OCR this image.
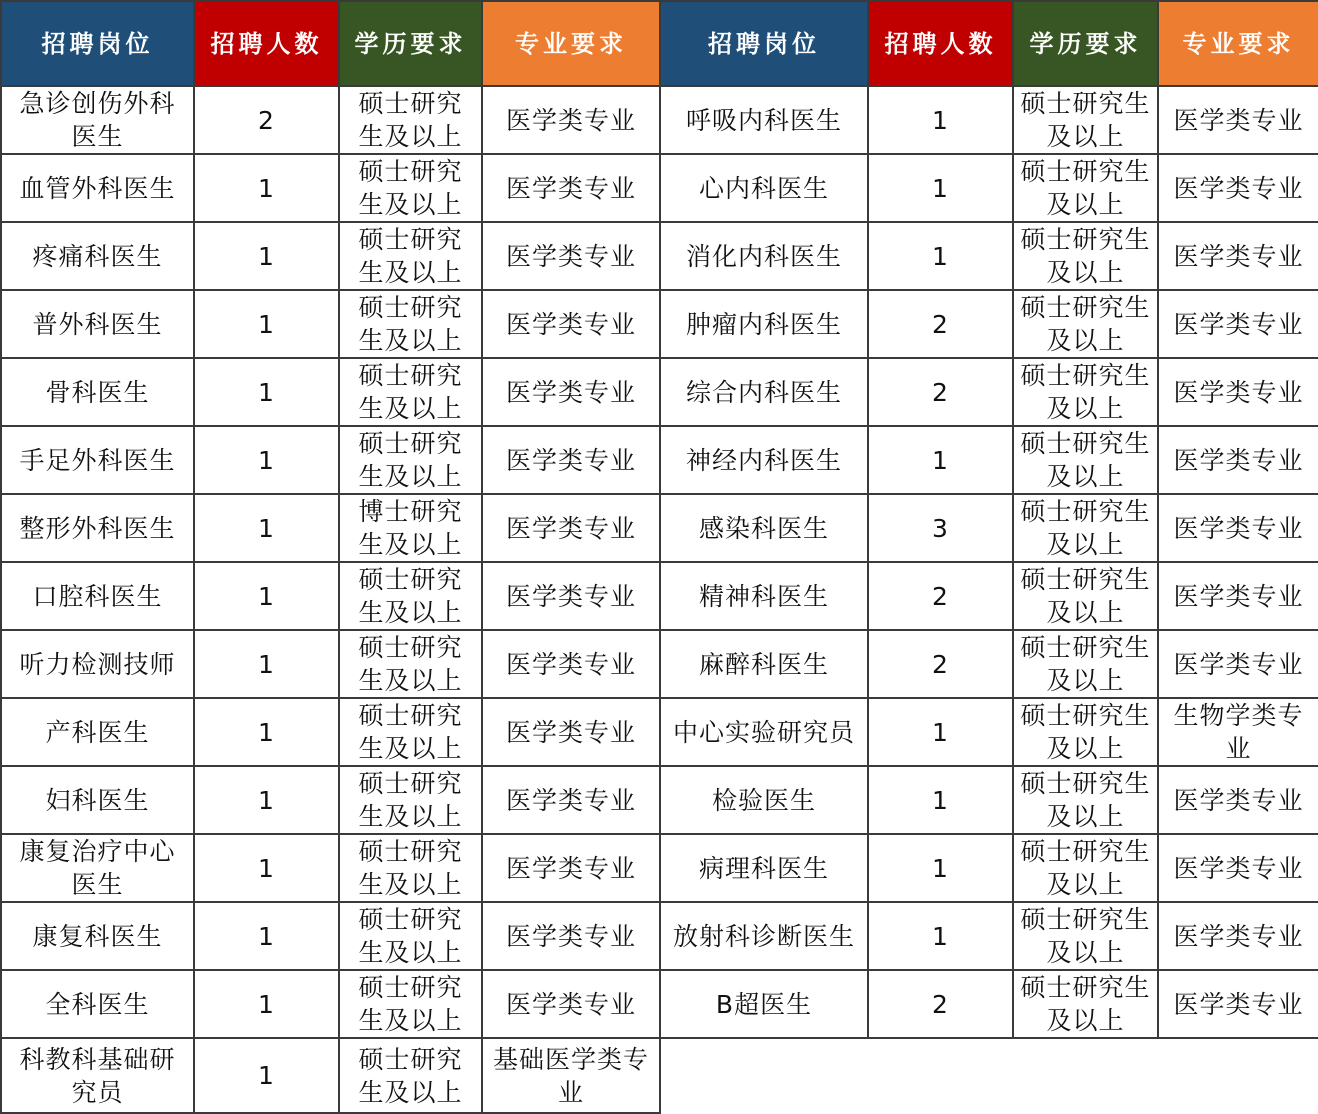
招聘岗位	招聘人数	学历要求	专业要求	招聘岗位	招聘人数	学历要求	专业要求
急诊创伤外科医生	2	硕士研究生及以上	医学类专业	呼吸内科医生	1	硕士研究生及以上	医学类专业
血管外科医生	1	硕士研究生及以上	医学类专业	心内科医生	1	硕士研究生及以上	医学类专业
疼痛科医生	1	硕士研究生及以上	医学类专业	消化内科医生	1	硕士研究生及以上	医学类专业
普外科医生	1	硕士研究生及以上	医学类专业	肿瘤内科医生	2	硕士研究生及以上	医学类专业
骨科医生	1	硕士研究生及以上	医学类专业	综合内科医生	2	硕士研究生及以上	医学类专业
手足外科医生	1	硕士研究生及以上	医学类专业	神经内科医生	1	硕士研究生及以上	医学类专业
整形外科医生	1	博士研究生及以上	医学类专业	感染科医生	3	硕士研究生及以上	医学类专业
口腔科医生	1	硕士研究生及以上	医学类专业	精神科医生	2	硕士研究生及以上	医学类专业
听力检测技师	1	硕士研究生及以上	医学类专业	麻醉科医生	2	硕士研究生及以上	医学类专业
产科医生	1	硕士研究生及以上	医学类专业	中心实验研究员	1	硕士研究生及以上	生物学类专业
妇科医生	1	硕士研究生及以上	医学类专业	检验医生	1	硕士研究生及以上	医学类专业
康复治疗中心医生	1	硕士研究生及以上	医学类专业	病理科医生	1	硕士研究生及以上	医学类专业
康复科医生	1	硕士研究生及以上	医学类专业	放射科诊断医生	1	硕士研究生及以上	医学类专业
全科医生	1	硕士研究生及以上	医学类专业	B超医生	2	硕士研究生及以上	医学类专业
科教科基础研究员	1	硕士研究生及以上	基础医学类专业				
